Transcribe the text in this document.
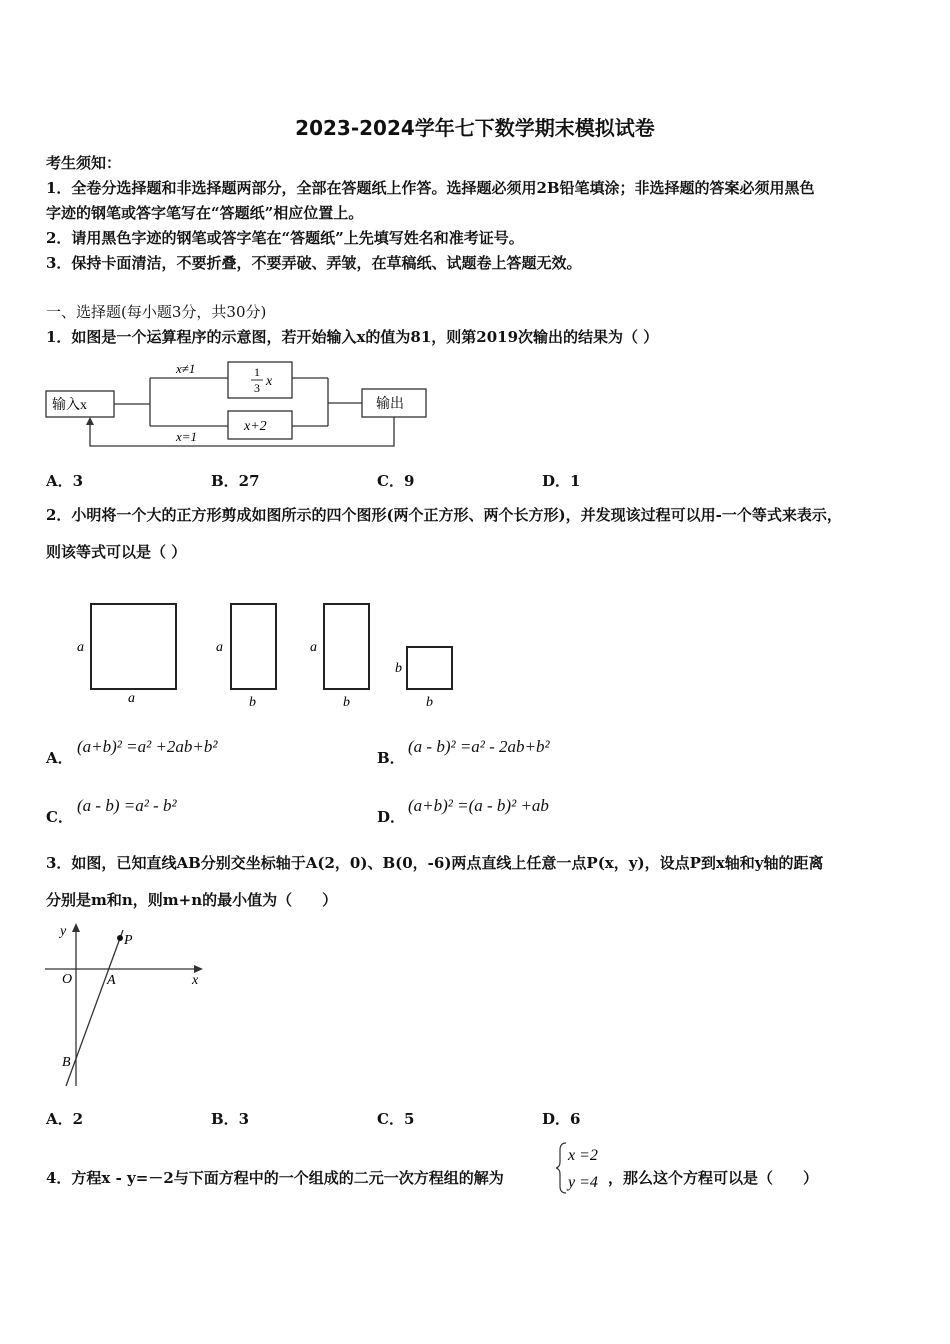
2023-2024学年七下数学期末模拟试卷
考生须知：
1．全卷分选择题和非选择题两部分，全部在答题纸上作答。选择题必须用2B铅笔填涂；非选择题的答案必须用黑色
字迹的钢笔或答字笔写在“答题纸”相应位置上。
2．请用黑色字迹的钢笔或答字笔在“答题纸”上先填写姓名和准考证号。
3．保持卡面清洁，不要折叠，不要弄破、弄皱，在草稿纸、试题卷上答题无效。
一、选择题(每小题3分，共30分)
1．如图是一个运算程序的示意图，若开始输入x的值为81，则第2019次输出的结果为（ ）
输入x	输出
x≠1
x=1
1
3 x
x+2
A．3	B．27	C．9	D．1
2．小明将一个大的正方形剪成如图所示的四个图形(两个正方形、两个长方形)，并发现该过程可以用-一个等式来表示，
则该等式可以是（ ）
a
a
a
b
a
b
b
b
A．
(a+b)² =a² +2ab+b²
B．
(a - b)² =a² - 2ab+b²
C．
(a - b) =a² - b²
D．
(a+b)² =(a - b)² +ab
3．如图，已知直线AB分别交坐标轴于A(2，0)、B(0，-6)两点直线上任意一点P(x，y)，设点P到x轴和y轴的距离
分别是m和n，则m+n的最小值为（　　）
y
x
O A
B
P
A．2	B．3	C．5	D．6
4．方程x - y=－2与下面方程中的一个组成的二元一次方程组的解为
x =2
y =4 ，那么这个方程可以是（　　）
